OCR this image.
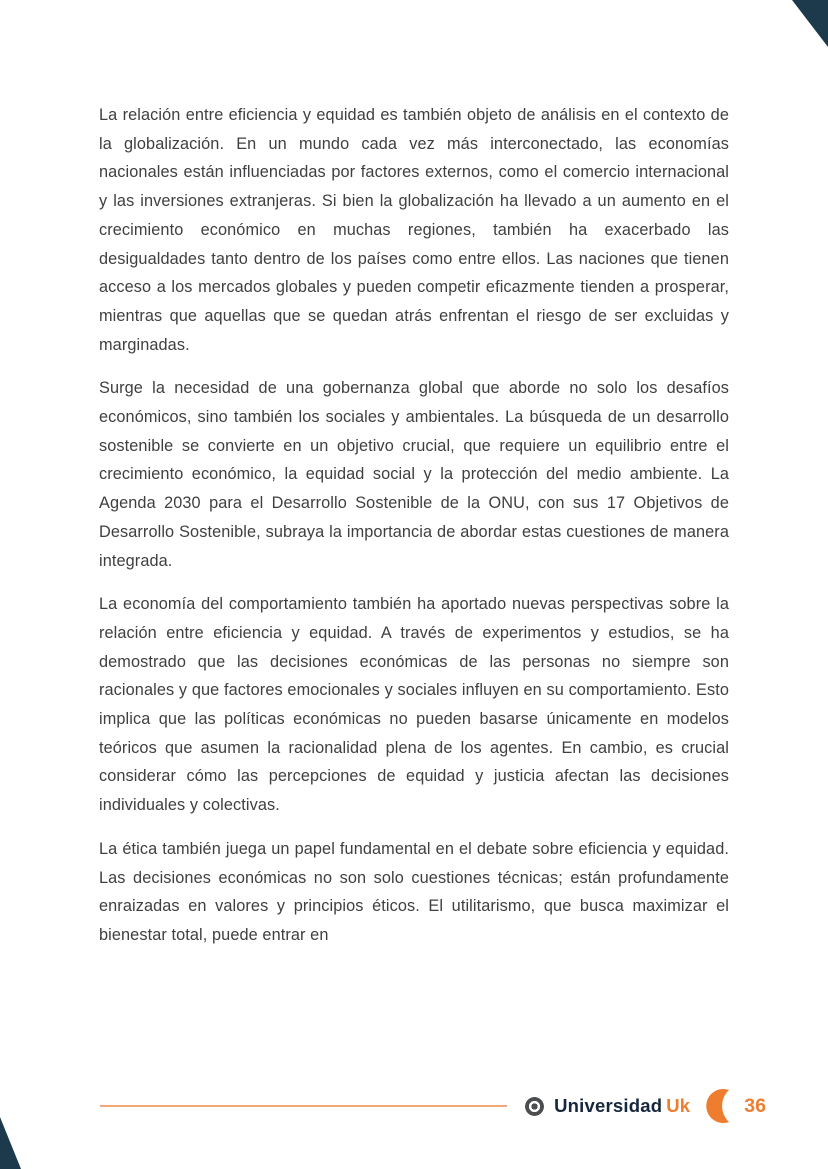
La relación entre eficiencia y equidad es también objeto de análisis en el contexto de la globalización. En un mundo cada vez más interconectado, las economías nacionales están influenciadas por factores externos, como el comercio internacional y las inversiones extranjeras. Si bien la globalización ha llevado a un aumento en el crecimiento económico en muchas regiones, también ha exacerbado las desigualdades tanto dentro de los países como entre ellos. Las naciones que tienen acceso a los mercados globales y pueden competir eficazmente tienden a prosperar, mientras que aquellas que se quedan atrás enfrentan el riesgo de ser excluidas y marginadas.

Surge la necesidad de una gobernanza global que aborde no solo los desafíos económicos, sino también los sociales y ambientales. La búsqueda de un desarrollo sostenible se convierte en un objetivo crucial, que requiere un equilibrio entre el crecimiento económico, la equidad social y la protección del medio ambiente. La Agenda 2030 para el Desarrollo Sostenible de la ONU, con sus 17 Objetivos de Desarrollo Sostenible, subraya la importancia de abordar estas cuestiones de manera integrada.

La economía del comportamiento también ha aportado nuevas perspectivas sobre la relación entre eficiencia y equidad. A través de experimentos y estudios, se ha demostrado que las decisiones económicas de las personas no siempre son racionales y que factores emocionales y sociales influyen en su comportamiento. Esto implica que las políticas económicas no pueden basarse únicamente en modelos teóricos que asumen la racionalidad plena de los agentes. En cambio, es crucial considerar cómo las percepciones de equidad y justicia afectan las decisiones individuales y colectivas.

La ética también juega un papel fundamental en el debate sobre eficiencia y equidad. Las decisiones económicas no son solo cuestiones técnicas; están profundamente enraizadas en valores y principios éticos. El utilitarismo, que busca maximizar el bienestar total, puede entrar en

Universidad Uk	36
